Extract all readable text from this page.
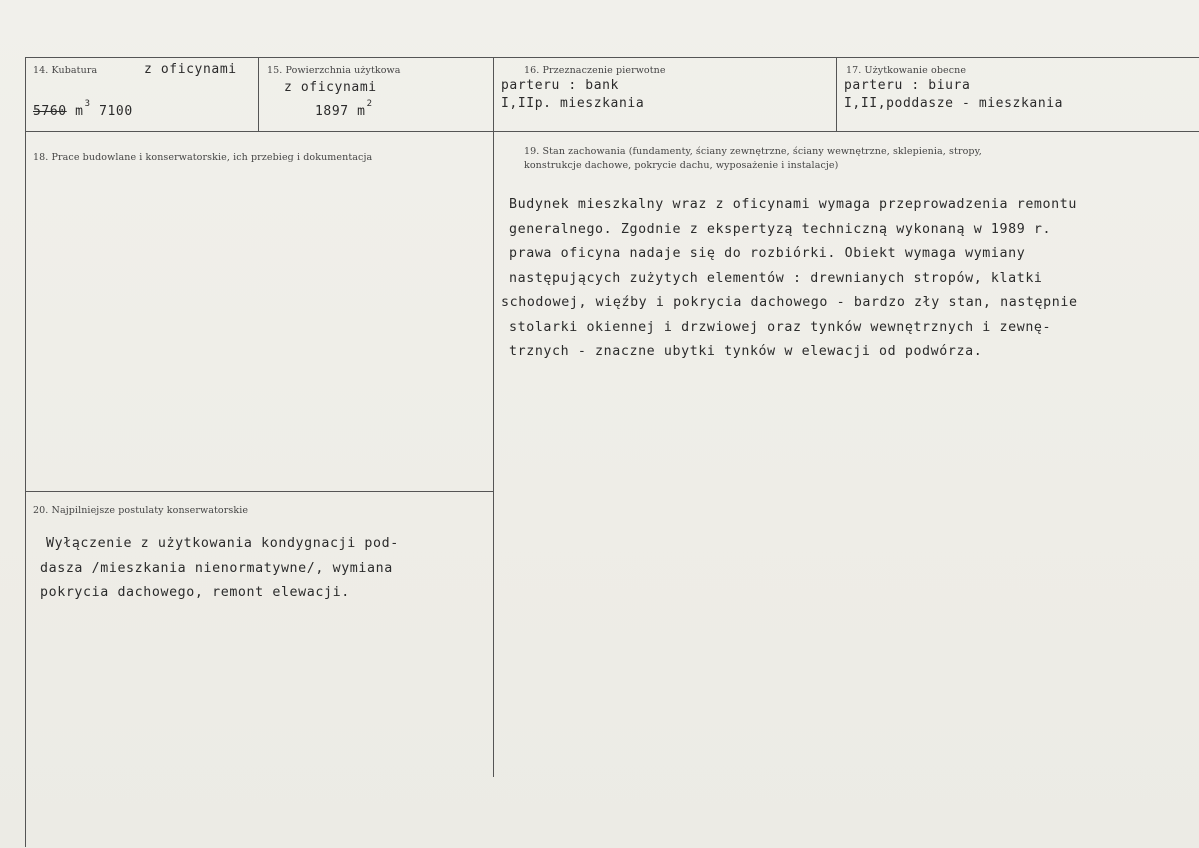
14. Kubatura	z oficynami
5760 $m^3$ 7100
15. Powierzchnia użytkowa
z oficynami
1897 $m^2$
16. Przeznaczenie pierwotne
parteru : bank
I,IIp. mieszkania
17. Użytkowanie obecne
parteru : biura
I,II,poddasze - mieszkania
18. Prace budowlane i konserwatorskie, ich przebieg i dokumentacja
19. Stan zachowania (fundamenty, ściany zewnętrzne, ściany wewnętrzne, sklepienia, stropy,
konstrukcje dachowe, pokrycie dachu, wyposażenie i instalacje)
Budynek mieszkalny wraz z oficynami wymaga przeprowadzenia remontu
generalnego. Zgodnie z ekspertyzą techniczną wykonaną w 1989 r.
prawa oficyna nadaje się do rozbiórki. Obiekt wymaga wymiany
następujących zużytych elementów : drewnianych stropów, klatki
schodowej, więźby i pokrycia dachowego - bardzo zły stan, następnie
stolarki okiennej i drzwiowej oraz tynków wewnętrznych i zewnę-
trznych - znaczne ubytki tynków w elewacji od podwórza.
20. Najpilniejsze postulaty konserwatorskie
Wyłączenie z użytkowania kondygnacji pod-
dasza /mieszkania nienormatywne/, wymiana
pokrycia dachowego, remont elewacji.
